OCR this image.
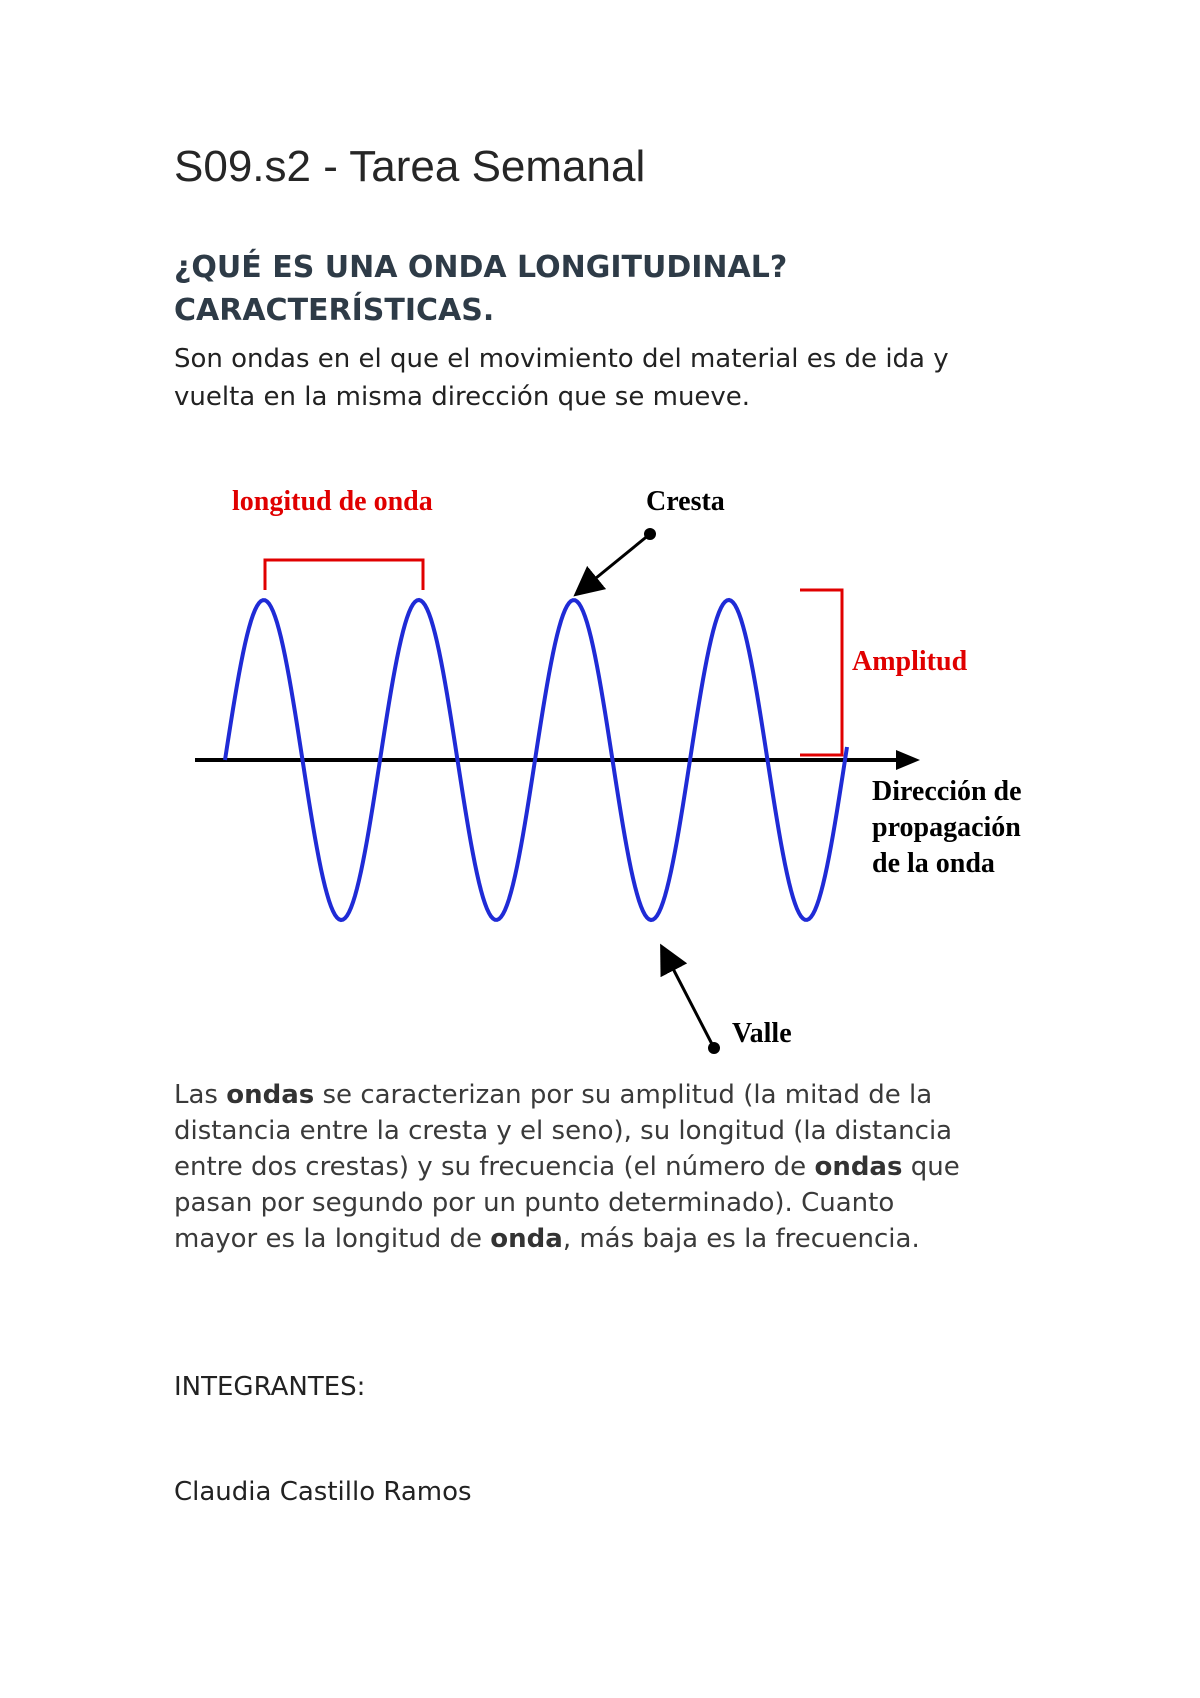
S09.s2 - Tarea Semanal
¿QUÉ ES UNA ONDA LONGITUDINAL?
CARACTERÍSTICAS.

Son ondas en el que el movimiento del material es de ida y
vuelta en la misma dirección que se mueve.

longitud de onda	Cresta
Amplitud
Dirección de
propagación
de la onda
Valle

Las ondas se caracterizan por su amplitud (la mitad de la
distancia entre la cresta y el seno), su longitud (la distancia
entre dos crestas) y su frecuencia (el número de ondas que
pasan por segundo por un punto determinado). Cuanto
mayor es la longitud de onda, más baja es la frecuencia.

INTEGRANTES:

Claudia Castillo Ramos
